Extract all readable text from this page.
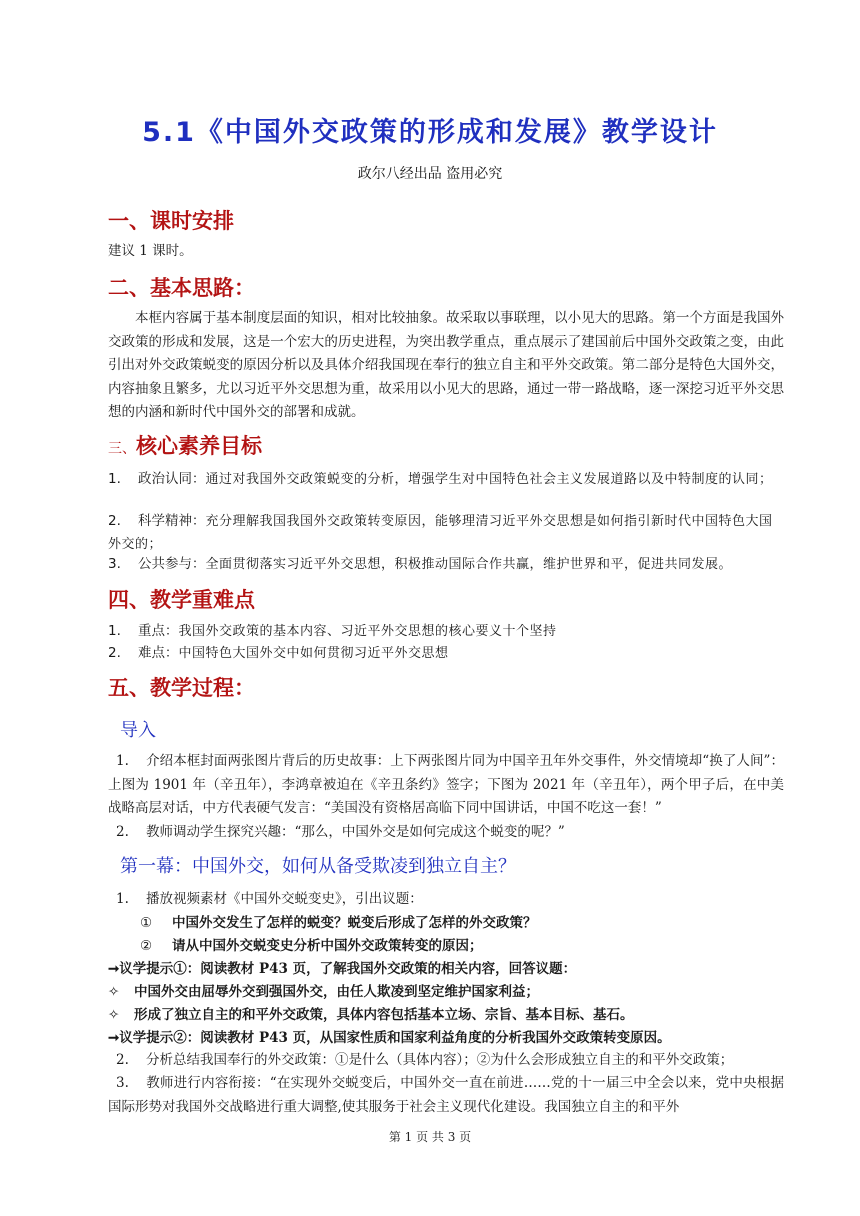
5.1《中国外交政策的形成和发展》教学设计
政尔八经出品 盗用必究
一、课时安排
建议 1 课时。
二、基本思路：
本框内容属于基本制度层面的知识，相对比较抽象。故采取以事联理，以小见大的思路。第一个方面是我国外交政策的形成和发展，这是一个宏大的历史进程，为突出教学重点，重点展示了建国前后中国外交政策之变，由此引出对外交政策蜕变的原因分析以及具体介绍我国现在奉行的独立自主和平外交政策。第二部分是特色大国外交，内容抽象且繁多，尤以习近平外交思想为重，故采用以小见大的思路，通过一带一路战略，逐一深挖习近平外交思想的内涵和新时代中国外交的部署和成就。
三、核心素养目标
1. 政治认同：通过对我国外交政策蜕变的分析，增强学生对中国特色社会主义发展道路以及中特制度的认同；
2. 科学精神：充分理解我国我国外交政策转变原因，能够理清习近平外交思想是如何指引新时代中国特色大国外交的；
3. 公共参与：全面贯彻落实习近平外交思想，积极推动国际合作共赢，维护世界和平，促进共同发展。
四、教学重难点
1. 重点：我国外交政策的基本内容、习近平外交思想的核心要义十个坚持
2. 难点：中国特色大国外交中如何贯彻习近平外交思想
五、教学过程：
导入
1. 介绍本框封面两张图片背后的历史故事：上下两张图片同为中国辛丑年外交事件，外交情境却“换了人间”：上图为 1901 年（辛丑年），李鸿章被迫在《辛丑条约》签字；下图为 2021 年（辛丑年），两个甲子后，在中美战略高层对话，中方代表硬气发言：“美国没有资格居高临下同中国讲话，中国不吃这一套！”
2. 教师调动学生探究兴趣：“那么，中国外交是如何完成这个蜕变的呢？”
第一幕：中国外交，如何从备受欺凌到独立自主？
1. 播放视频素材《中国外交蜕变史》，引出议题：
① 中国外交发生了怎样的蜕变？蜕变后形成了怎样的外交政策？
② 请从中国外交蜕变史分析中国外交政策转变的原因；
➞议学提示①：阅读教材 P43 页，了解我国外交政策的相关内容，回答议题：
✧ 中国外交由屈辱外交到强国外交，由任人欺凌到坚定维护国家利益；
✧ 形成了独立自主的和平外交政策，具体内容包括基本立场、宗旨、基本目标、基石。
➞议学提示②：阅读教材 P43 页，从国家性质和国家利益角度的分析我国外交政策转变原因。
2. 分析总结我国奉行的外交政策：①是什么（具体内容）；②为什么会形成独立自主的和平外交政策；
3. 教师进行内容衔接：“在实现外交蜕变后，中国外交一直在前进……党的十一届三中全会以来，党中央根据国际形势对我国外交战略进行重大调整,使其服务于社会主义现代化建设。我国独立自主的和平外
第 1 页 共 3 页
